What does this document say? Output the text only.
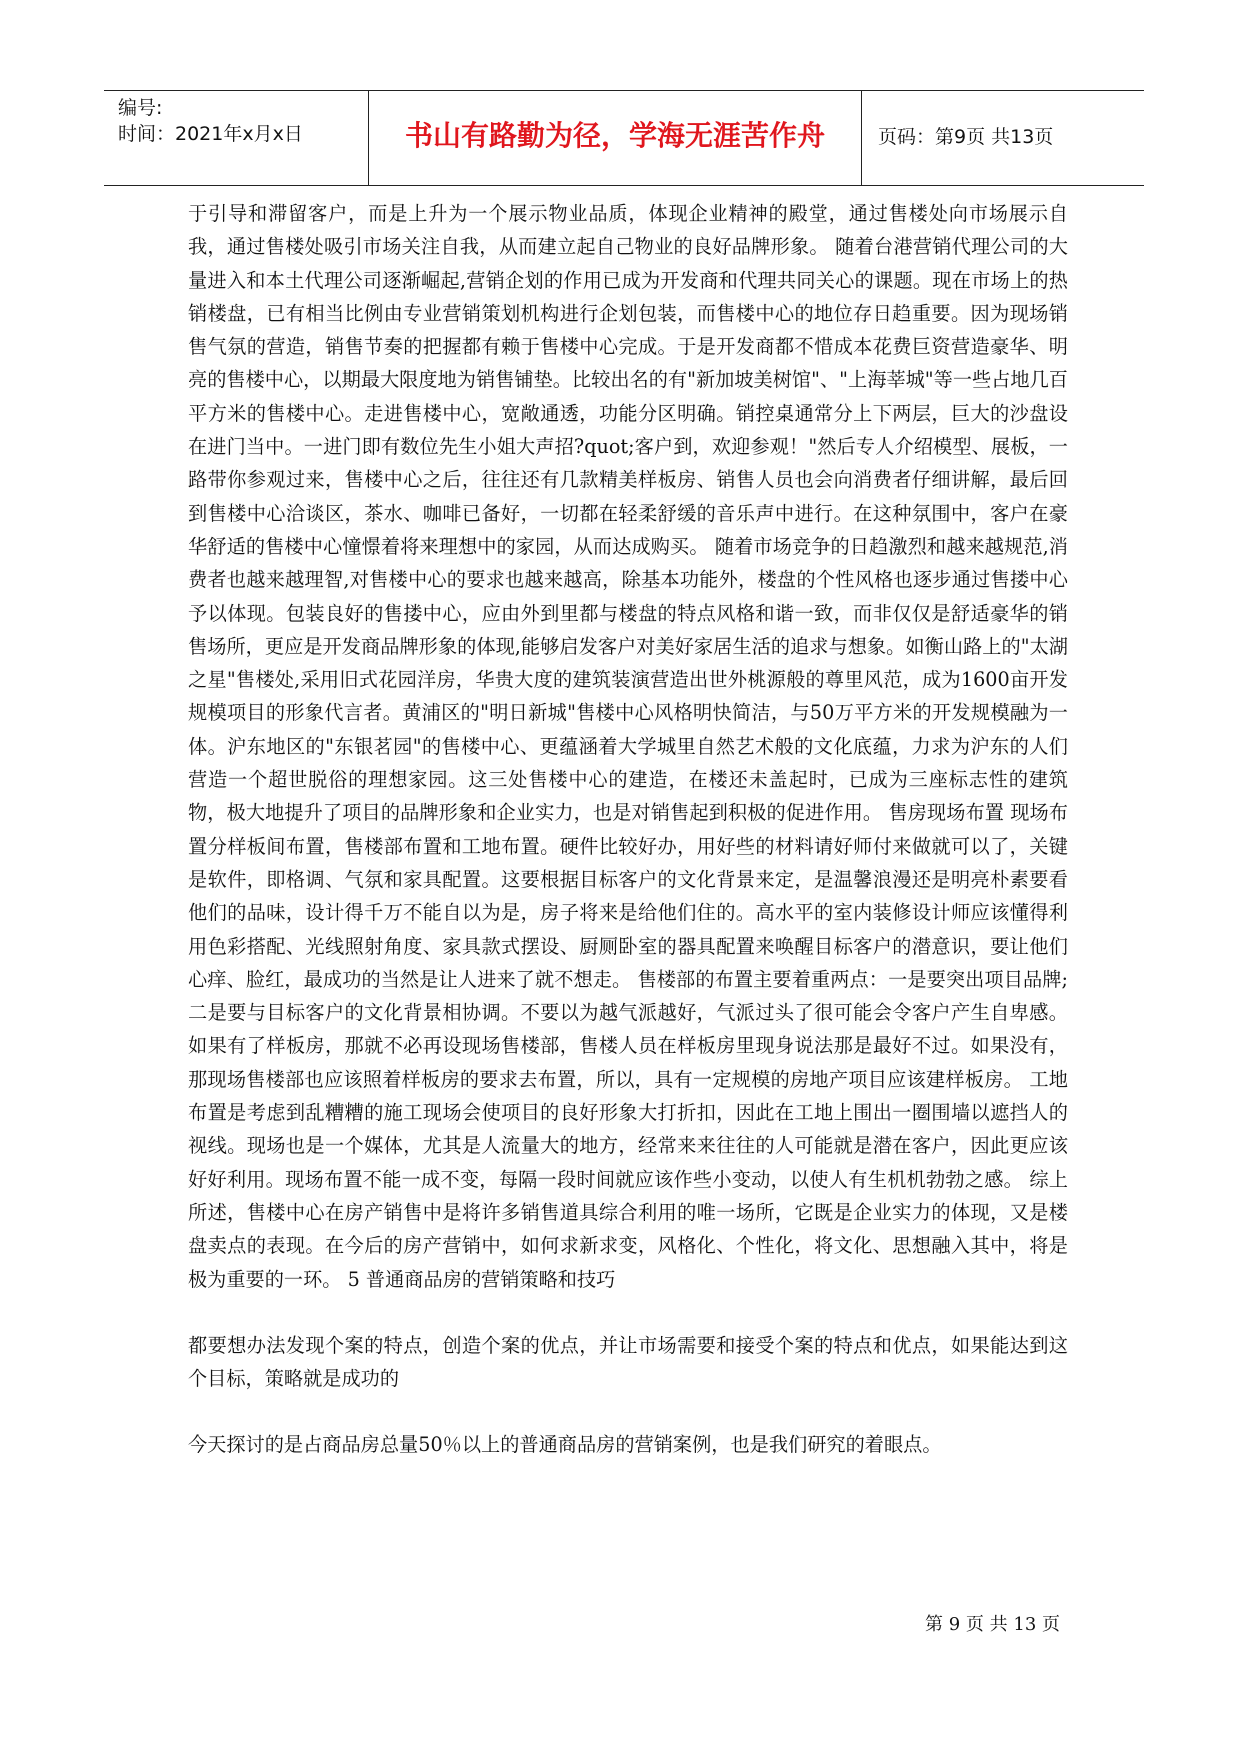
编号:
时间：2021年x月x日	书山有路勤为径，学海无涯苦作舟	页码：第9页 共13页

于引导和滞留客户，而是上升为一个展示物业品质，体现企业精神的殿堂，通过售楼处向市场展示自我，通过售楼处吸引市场关注自我，从而建立起自己物业的良好品牌形象。 随着台港营销代理公司的大量进入和本土代理公司逐渐崛起,营销企划的作用已成为开发商和代理共同关心的课题。现在市场上的热销楼盘，已有相当比例由专业营销策划机构进行企划包装，而售楼中心的地位存日趋重要。因为现场销售气氛的营造，销售节奏的把握都有赖于售楼中心完成。于是开发商都不惜成本花费巨资营造豪华、明亮的售楼中心，以期最大限度地为销售铺垫。比较出名的有"新加坡美树馆"、"上海莘城"等一些占地几百平方米的售楼中心。走进售楼中心，宽敞通透，功能分区明确。销控桌通常分上下两层，巨大的沙盘设在进门当中。一进门即有数位先生小姐大声招?quot;客户到，欢迎参观！"然后专人介绍模型、展板，一路带你参观过来，售楼中心之后，往往还有几款精美样板房、销售人员也会向消费者仔细讲解，最后回到售楼中心洽谈区，茶水、咖啡已备好，一切都在轻柔舒缓的音乐声中进行。在这种氛围中，客户在豪华舒适的售楼中心憧憬着将来理想中的家园，从而达成购买。 随着市场竞争的日趋激烈和越来越规范,消费者也越来越理智,对售楼中心的要求也越来越高，除基本功能外，楼盘的个性风格也逐步通过售搂中心予以体现。包装良好的售搂中心，应由外到里都与楼盘的特点风格和谐一致，而非仅仅是舒适豪华的销售场所，更应是开发商品牌形象的体现,能够启发客户对美好家居生活的追求与想象。如衡山路上的"太湖之星"售楼处,采用旧式花园洋房，华贵大度的建筑装演营造出世外桃源般的尊里风范，成为1600亩开发规模项目的形象代言者。黄浦区的"明日新城"售楼中心风格明快简洁，与50万平方米的开发规模融为一体。沪东地区的"东银茗园"的售楼中心、更蕴涵着大学城里自然艺术般的文化底蕴，力求为沪东的人们营造一个超世脱俗的理想家园。这三处售楼中心的建造，在楼还未盖起时，已成为三座标志性的建筑物，极大地提升了项目的品牌形象和企业实力，也是对销售起到积极的促进作用。 售房现场布置 现场布置分样板间布置，售楼部布置和工地布置。硬件比较好办，用好些的材料请好师付来做就可以了，关键是软件，即格调、气氛和家具配置。这要根据目标客户的文化背景来定，是温馨浪漫还是明亮朴素要看他们的品味，设计得千万不能自以为是，房子将来是给他们住的。高水平的室内装修设计师应该懂得利用色彩搭配、光线照射角度、家具款式摆设、厨厕卧室的器具配置来唤醒目标客户的潜意识，要让他们心痒、脸红，最成功的当然是让人进来了就不想走。 售楼部的布置主要着重两点：一是要突出项目品牌; 二是要与目标客户的文化背景相协调。不要以为越气派越好，气派过头了很可能会令客户产生自卑感。 如果有了样板房，那就不必再设现场售楼部，售楼人员在样板房里现身说法那是最好不过。如果没有，那现场售楼部也应该照着样板房的要求去布置，所以，具有一定规模的房地产项目应该建样板房。 工地布置是考虑到乱糟糟的施工现场会使项目的良好形象大打折扣，因此在工地上围出一圈围墙以遮挡人的视线。现场也是一个媒体，尤其是人流量大的地方，经常来来往往的人可能就是潜在客户，因此更应该好好利用。现场布置不能一成不变，每隔一段时间就应该作些小变动，以使人有生机机勃勃之感。 综上所述，售楼中心在房产销售中是将许多销售道具综合利用的唯一场所，它既是企业实力的体现，又是楼盘卖点的表现。在今后的房产营销中，如何求新求变，风格化、个性化，将文化、思想融入其中，将是极为重要的一环。 5 普通商品房的营销策略和技巧

都要想办法发现个案的特点，创造个案的优点，并让市场需要和接受个案的特点和优点，如果能达到这个目标，策略就是成功的

今天探讨的是占商品房总量50％以上的普通商品房的营销案例，也是我们研究的着眼点。

第 9 页 共 13 页
